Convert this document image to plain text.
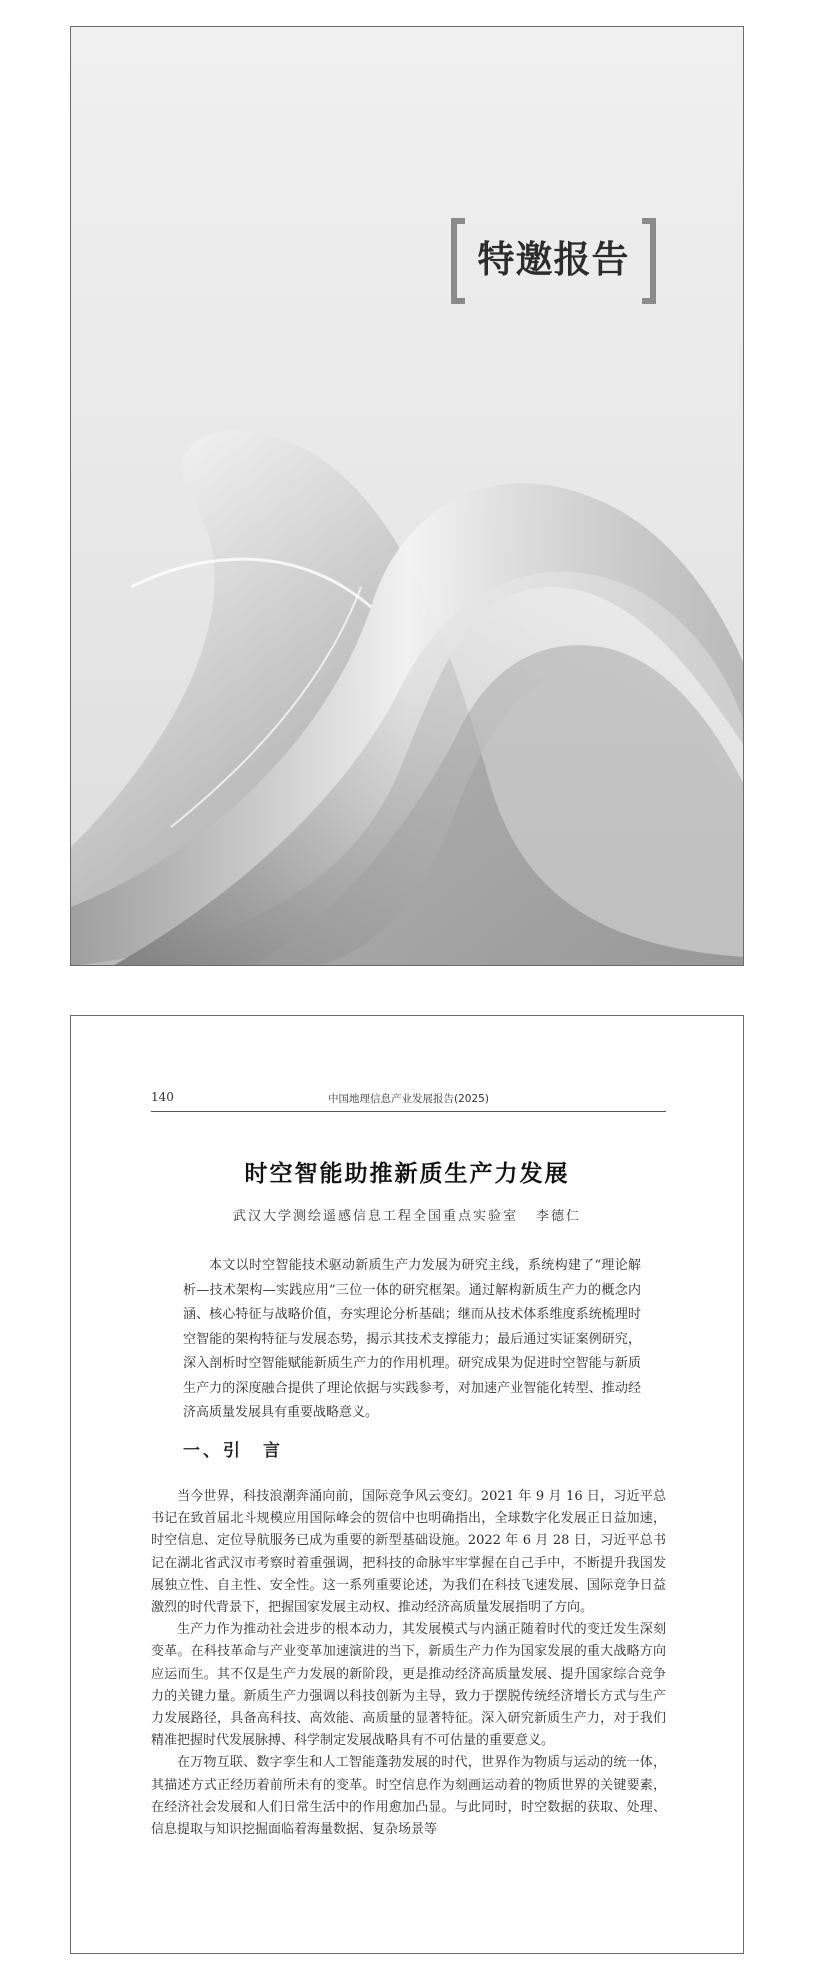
特邀报告
140	中国地理信息产业发展报告(2025)
时空智能助推新质生产力发展
武汉大学测绘遥感信息工程全国重点实验室 李德仁

本文以时空智能技术驱动新质生产力发展为研究主线，系统构建了“理论解析—技术架构—实践应用”三位一体的研究框架。通过解构新质生产力的概念内涵、核心特征与战略价值，夯实理论分析基础；继而从技术体系维度系统梳理时空智能的架构特征与发展态势，揭示其技术支撑能力；最后通过实证案例研究，深入剖析时空智能赋能新质生产力的作用机理。研究成果为促进时空智能与新质生产力的深度融合提供了理论依据与实践参考，对加速产业智能化转型、推动经济高质量发展具有重要战略意义。

一、引　言

当今世界，科技浪潮奔涌向前，国际竞争风云变幻。2021 年 9 月 16 日，习近平总书记在致首届北斗规模应用国际峰会的贺信中也明确指出，全球数字化发展正日益加速，时空信息、定位导航服务已成为重要的新型基础设施。2022 年 6 月 28 日，习近平总书记在湖北省武汉市考察时着重强调，把科技的命脉牢牢掌握在自己手中，不断提升我国发展独立性、自主性、安全性。这一系列重要论述，为我们在科技飞速发展、国际竞争日益激烈的时代背景下，把握国家发展主动权、推动经济高质量发展指明了方向。

生产力作为推动社会进步的根本动力，其发展模式与内涵正随着时代的变迁发生深刻变革。在科技革命与产业变革加速演进的当下，新质生产力作为国家发展的重大战略方向应运而生。其不仅是生产力发展的新阶段，更是推动经济高质量发展、提升国家综合竞争力的关键力量。新质生产力强调以科技创新为主导，致力于摆脱传统经济增长方式与生产力发展路径，具备高科技、高效能、高质量的显著特征。深入研究新质生产力，对于我们精准把握时代发展脉搏、科学制定发展战略具有不可估量的重要意义。

在万物互联、数字孪生和人工智能蓬勃发展的时代，世界作为物质与运动的统一体，其描述方式正经历着前所未有的变革。时空信息作为刻画运动着的物质世界的关键要素，在经济社会发展和人们日常生活中的作用愈加凸显。与此同时，时空数据的获取、处理、信息提取与知识挖掘面临着海量数据、复杂场景等
